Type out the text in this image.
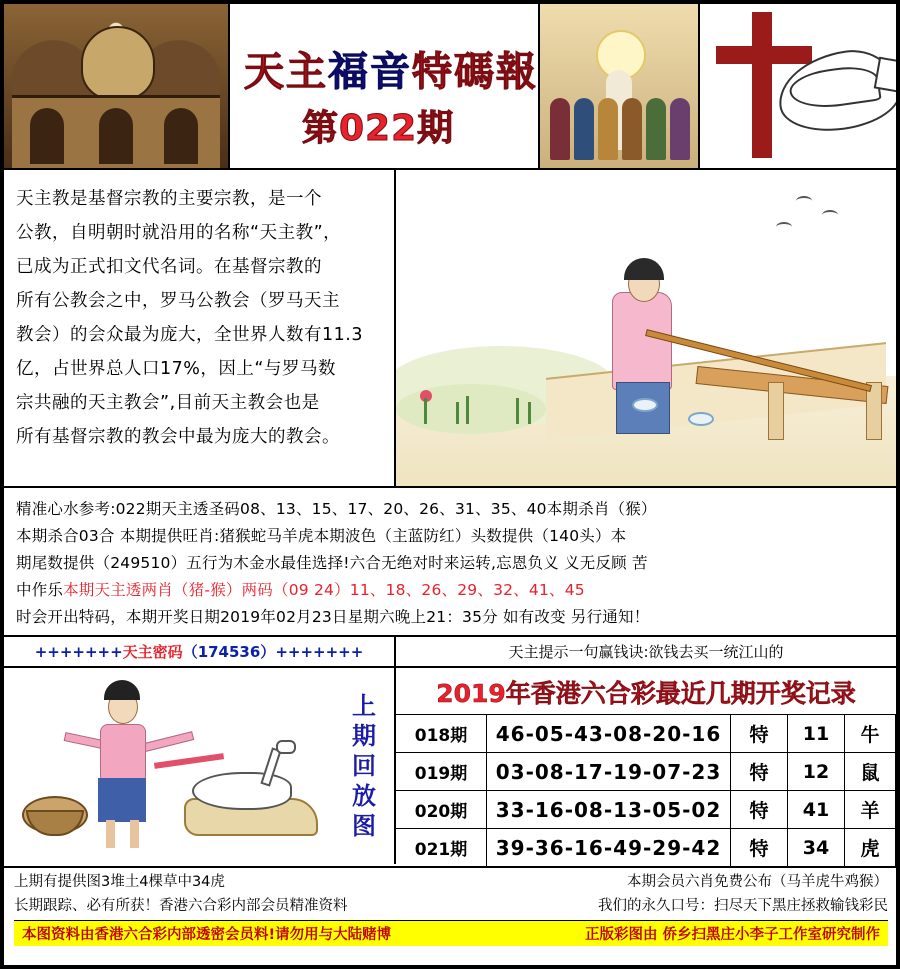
天主福音特碼報
第022期

天主教是基督宗教的主要宗教，是一个

公教，自明朝时就沿用的名称“天主教”，

已成为正式扣文代名词。在基督宗教的

所有公教会之中，罗马公教会（罗马天主

教会）的会众最为庞大，全世界人数有11.3

亿，占世界总人口17%，因上“与罗马数

宗共融的天主教会”,目前天主教会也是

所有基督宗教的教会中最为庞大的教会。

精准心水参考:022期天主透圣码08、13、15、17、20、26、31、35、40本期杀肖（猴）

本期杀合03合 本期提供旺肖:猪猴蛇马羊虎本期波色（主蓝防红）头数提供（140头）本

期尾数提供（249510）五行为木金水最佳选择!六合无绝对时来运转,忘恩负义 义无反顾 苦

中作乐本期天主透两肖（猪-猴）两码（09 24）11、18、26、29、32、41、45

时会开出特码，本期开奖日期2019年02月23日星期六晚上21：35分 如有改变 另行通知！

+++++++天主密码（174536）+++++++	天主提示一句赢钱诀:欲钱去买一统江山的
上期回放图
2019年香港六合彩最近几期开奖记录
018期	46-05-43-08-20-16	特	11	牛
019期	03-08-17-19-07-23	特	12	鼠
020期	33-16-08-13-05-02	特	41	羊
021期	39-36-16-49-29-42	特	34	虎
上期有提供图3堆土4棵草中34虎	本期会员六肖免费公布（马羊虎牛鸡猴）
长期跟踪、必有所获！香港六合彩内部会员精准资料	我们的永久口号：扫尽天下黑庄拯救输钱彩民
本图资料由香港六合彩内部透密会员料!请勿用与大陆赌博	正版彩图由 侨乡扫黑庄小李子工作室研究制作
